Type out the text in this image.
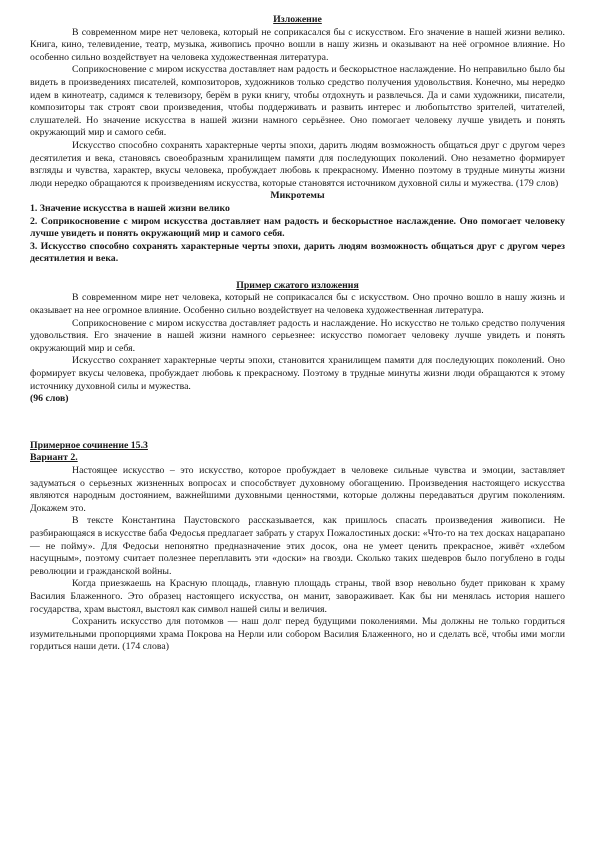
Изложение

В современном мире нет человека, который не соприкасался бы с искусством. Его значение в нашей жизни велико. Книга, кино, телевидение, театр, музыка, живопись прочно вошли в нашу жизнь и оказывают на неё огромное влияние. Но особенно сильно воздействует на человека художественная литература.

Соприкосновение с миром искусства доставляет нам радость и бескорыстное наслаждение. Но неправильно было бы видеть в произведениях писателей, композиторов, художников только средство получения удовольствия. Конечно, мы нередко идем в кинотеатр, садимся к телевизору, берём в руки книгу, чтобы отдохнуть и развлечься. Да и сами художники, писатели, композиторы так строят свои произведения, чтобы поддерживать и развить интерес и любопытство зрителей, читателей, слушателей. Но значение искусства в нашей жизни намного серьёзнее. Оно помогает человеку лучше увидеть и понять окружающий мир и самого себя.

Искусство способно сохранять характерные черты эпохи, дарить людям возможность общаться друг с другом через десятилетия и века, становясь своеобразным хранилищем памяти для последующих поколений. Оно незаметно формирует взгляды и чувства, характер, вкусы человека, пробуждает любовь к прекрасному. Именно поэтому в трудные минуты жизни люди нередко обращаются к произведениям искусства, которые становятся источником духовной силы и мужества. (179 слов)

Микротемы

1. Значение искусства в нашей жизни велико

2. Соприкосновение с миром искусства доставляет нам радость и бескорыстное наслаждение. Оно помогает человеку лучше увидеть и понять окружающий мир и самого себя.

3. Искусство способно сохранять характерные черты эпохи, дарить людям возможность общаться друг с другом через десятилетия и века.

Пример сжатого изложения

В современном мире нет человека, который не соприкасался бы с искусством. Оно прочно вошло в нашу жизнь и оказывает на нее огромное влияние. Особенно сильно воздействует на человека художественная литература.

Соприкосновение с миром искусства доставляет радость и наслаждение. Но искусство не только средство получения удовольствия. Его значение в нашей жизни намного серьезнее: искусство помогает человеку лучше увидеть и понять окружающий мир и себя.

Искусство сохраняет характерные черты эпохи, становится хранилищем памяти для последующих поколений. Оно формирует вкусы человека, пробуждает любовь к прекрасному. Поэтому в трудные минуты жизни люди обращаются к этому источнику духовной силы и мужества.

(96 слов)

Примерное сочинение 15.3

Вариант 2.

Настоящее искусство – это искусство, которое пробуждает в человеке сильные чувства и эмоции, заставляет задуматься о серьезных жизненных вопросах и способствует духовному обогащению. Произведения настоящего искусства являются народным достоянием, важнейшими духовными ценностями, которые должны передаваться другим поколениям. Докажем это.

В тексте Константина Паустовского рассказывается, как пришлось спасать произведения живописи. Не разбирающаяся в искусстве баба Федосья предлагает забрать у старух Пожалостиных доски: «Что-то на тех досках нацарапано — не пойму». Для Федосьи непонятно предназначение этих досок, она не умеет ценить прекрасное, живёт «хлебом насущным», поэтому считает полезнее переплавить эти «доски» на гвозди. Сколько таких шедевров было погублено в годы революции и гражданской войны.

Когда приезжаешь на Красную площадь, главную площадь страны, твой взор невольно будет прикован к храму Василия Блаженного. Это образец настоящего искусства, он манит, завораживает. Как бы ни менялась история нашего государства, храм выстоял, выстоял как символ нашей силы и величия.

Сохранить искусство для потомков — наш долг перед будущими поколениями. Мы должны не только гордиться изумительными пропорциями храма Покрова на Нерли или собором Василия Блаженного, но и сделать всё, чтобы ими могли гордиться наши дети. (174 слова)
